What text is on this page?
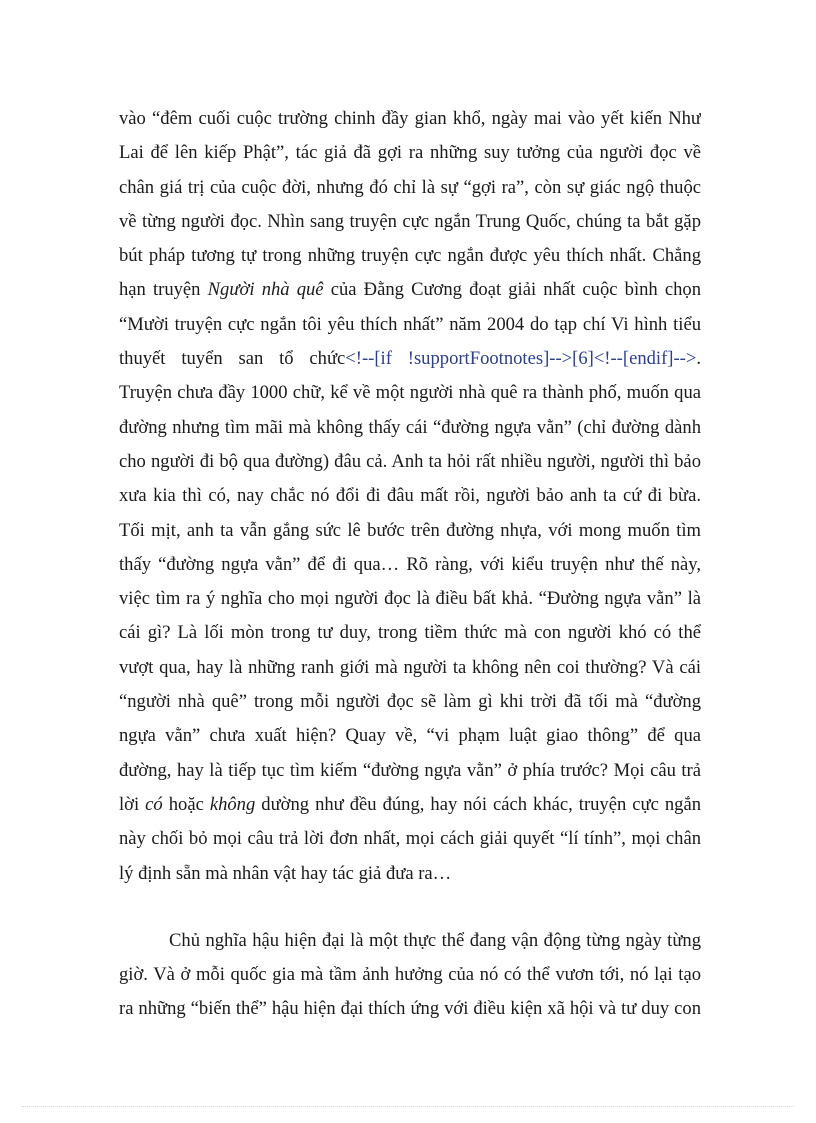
vào “đêm cuối cuộc trường chinh đầy gian khổ, ngày mai vào yết kiến Như
Lai để lên kiếp Phật”, tác giả đã gợi ra những suy tưởng của người đọc về
chân giá trị của cuộc đời, nhưng đó chỉ là sự “gợi ra”, còn sự giác ngộ thuộc
về từng người đọc. Nhìn sang truyện cực ngắn Trung Quốc, chúng ta bắt gặp
bút pháp tương tự trong những truyện cực ngắn được yêu thích nhất. Chẳng
hạn truyện Người nhà quê của Đằng Cương đoạt giải nhất cuộc bình chọn
“Mười truyện cực ngắn tôi yêu thích nhất” năm 2004 do tạp chí Vi hình tiểu
thuyết tuyển san tổ chức<!--[if !supportFootnotes]-->[6]<!--[endif]-->.
Truyện chưa đầy 1000 chữ, kể về một người nhà quê ra thành phố, muốn qua
đường nhưng tìm mãi mà không thấy cái “đường ngựa vằn” (chỉ đường dành
cho người đi bộ qua đường) đâu cả. Anh ta hỏi rất nhiều người, người thì bảo
xưa kia thì có, nay chắc nó đổi đi đâu mất rồi, người bảo anh ta cứ đi bừa.
Tối mịt, anh ta vẫn gắng sức lê bước trên đường nhựa, với mong muốn tìm
thấy “đường ngựa vằn” để đi qua… Rõ ràng, với kiểu truyện như thế này,
việc tìm ra ý nghĩa cho mọi người đọc là điều bất khả. “Đường ngựa vằn” là
cái gì? Là lối mòn trong tư duy, trong tiềm thức mà con người khó có thể
vượt qua, hay là những ranh giới mà người ta không nên coi thường? Và cái
“người nhà quê” trong mỗi người đọc sẽ làm gì khi trời đã tối mà “đường
ngựa vằn” chưa xuất hiện? Quay về, “vi phạm luật giao thông” để qua
đường, hay là tiếp tục tìm kiếm “đường ngựa vằn” ở phía trước? Mọi câu trả
lời có hoặc không dường như đều đúng, hay nói cách khác, truyện cực ngắn
này chối bỏ mọi câu trả lời đơn nhất, mọi cách giải quyết “lí tính”, mọi chân
lý định sẵn mà nhân vật hay tác giả đưa ra…
Chủ nghĩa hậu hiện đại là một thực thể đang vận động từng ngày từng
giờ. Và ở mỗi quốc gia mà tầm ảnh hưởng của nó có thể vươn tới, nó lại tạo
ra những “biến thể” hậu hiện đại thích ứng với điều kiện xã hội và tư duy con
